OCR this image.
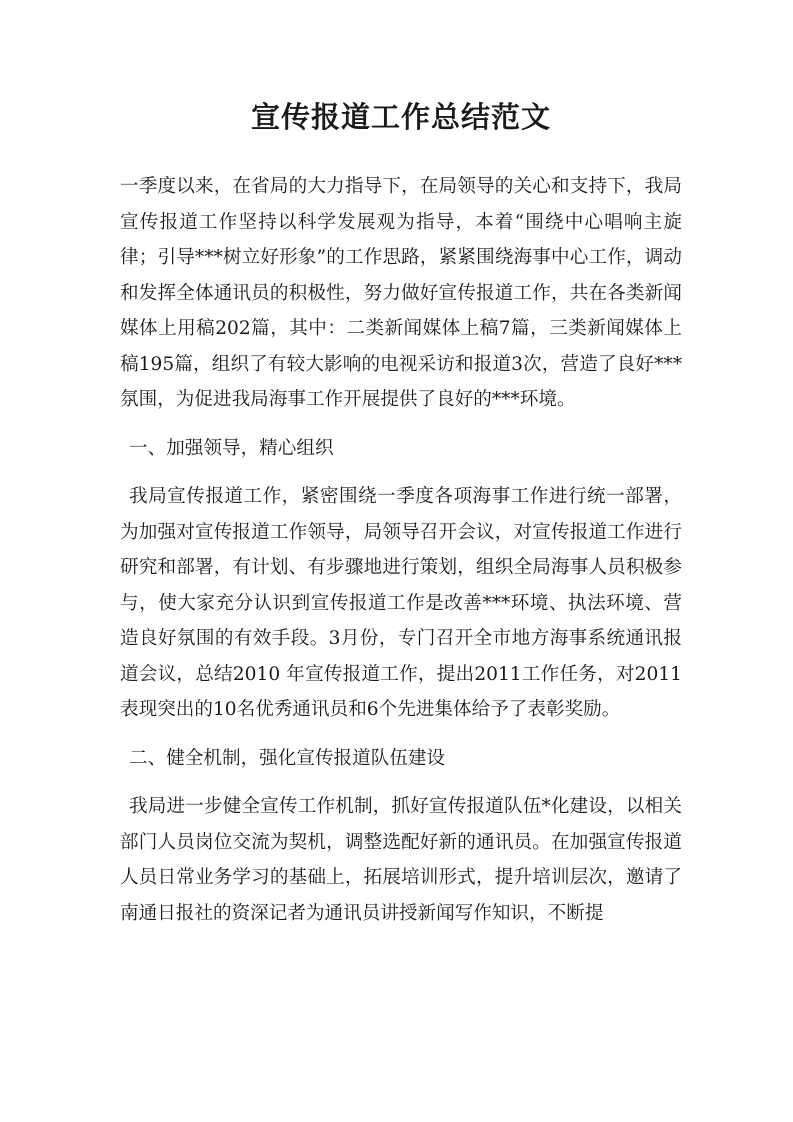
宣传报道工作总结范文

一季度以来，在省局的大力指导下，在局领导的关心和支持下，我局宣传报道工作坚持以科学发展观为指导，本着“围绕中心唱响主旋律；引导***树立好形象”的工作思路，紧紧围绕海事中心工作，调动和发挥全体通讯员的积极性，努力做好宣传报道工作，共在各类新闻媒体上用稿202篇，其中：二类新闻媒体上稿7篇，三类新闻媒体上稿195篇，组织了有较大影响的电视采访和报道3次，营造了良好***氛围，为促进我局海事工作开展提供了良好的***环境。

一、加强领导，精心组织

我局宣传报道工作，紧密围绕一季度各项海事工作进行统一部署，为加强对宣传报道工作领导，局领导召开会议，对宣传报道工作进行研究和部署，有计划、有步骤地进行策划，组织全局海事人员积极参与，使大家充分认识到宣传报道工作是改善***环境、执法环境、营造良好氛围的有效手段。3月份，专门召开全市地方海事系统通讯报道会议，总结2010 年宣传报道工作，提出2011工作任务，对2011表现突出的10名优秀通讯员和6个先进集体给予了表彰奖励。

二、健全机制，强化宣传报道队伍建设

我局进一步健全宣传工作机制，抓好宣传报道队伍*化建设，以相关部门人员岗位交流为契机，调整选配好新的通讯员。在加强宣传报道人员日常业务学习的基础上，拓展培训形式，提升培训层次，邀请了南通日报社的资深记者为通讯员讲授新闻写作知识，不断提
